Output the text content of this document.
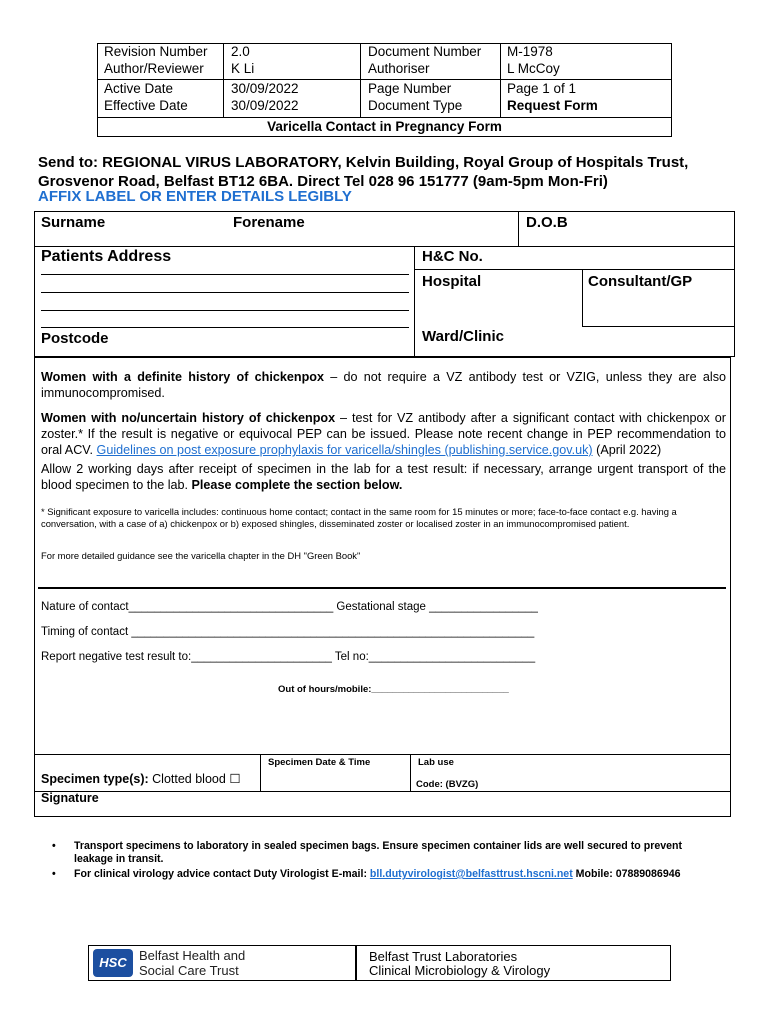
Revision Number 2.0	Document Number M-1978
Author/Reviewer K Li	Authoriser	L McCoy
Active Date	30/09/2022	Page Number	Page 1 of 1
Effective Date	30/09/2022	Document Type	Request Form
Varicella Contact in Pregnancy Form
Send to: REGIONAL VIRUS LABORATORY, Kelvin Building, Royal Group of Hospitals Trust,
Grosvenor Road, Belfast BT12 6BA. Direct Tel 028 96 151777 (9am-5pm Mon-Fri)
AFFIX LABEL OR ENTER DETAILS LEGIBLY
Surname	Forename	D.O.B
Patients Address
Postcode
H&C No.
Hospital	Consultant/GP
Ward/Clinic
Women with a definite history of chickenpox – do not require a VZ antibody test or VZIG, unless they are also immunocompromised.
Women with no/uncertain history of chickenpox – test for VZ antibody after a significant contact with chickenpox or zoster.* If the result is negative or equivocal PEP can be issued. Please note recent change in PEP recommendation to oral ACV. Guidelines on post exposure prophylaxis for varicella/shingles (publishing.service.gov.uk) (April 2022)
Allow 2 working days after receipt of specimen in the lab for a test result: if necessary, arrange urgent transport of the blood specimen to the lab. Please complete the section below.
* Significant exposure to varicella includes: continuous home contact; contact in the same room for 15 minutes or more; face-to-face contact e.g. having a conversation, with a case of a) chickenpox or b) exposed shingles, disseminated zoster or localised zoster in an immunocompromised patient.
For more detailed guidance see the varicella chapter in the DH "Green Book"
Nature of contact________________________________ Gestational stage _________________
Timing of contact _______________________________________________________________
Report negative test result to:______________________ Tel no:__________________________
Out of hours/mobile:__________________________
Specimen Date & Time	Lab use
Code: (BVZG)
Specimen type(s): Clotted blood ☐
Signature
• Transport specimens to laboratory in sealed specimen bags. Ensure specimen container lids are well secured to prevent leakage in transit.
• For clinical virology advice contact Duty Virologist E-mail: bll.dutyvirologist@belfasttrust.hscni.net Mobile: 07889086946
HSC Belfast Health and
Social Care Trust
Belfast Trust Laboratories
Clinical Microbiology & Virology
